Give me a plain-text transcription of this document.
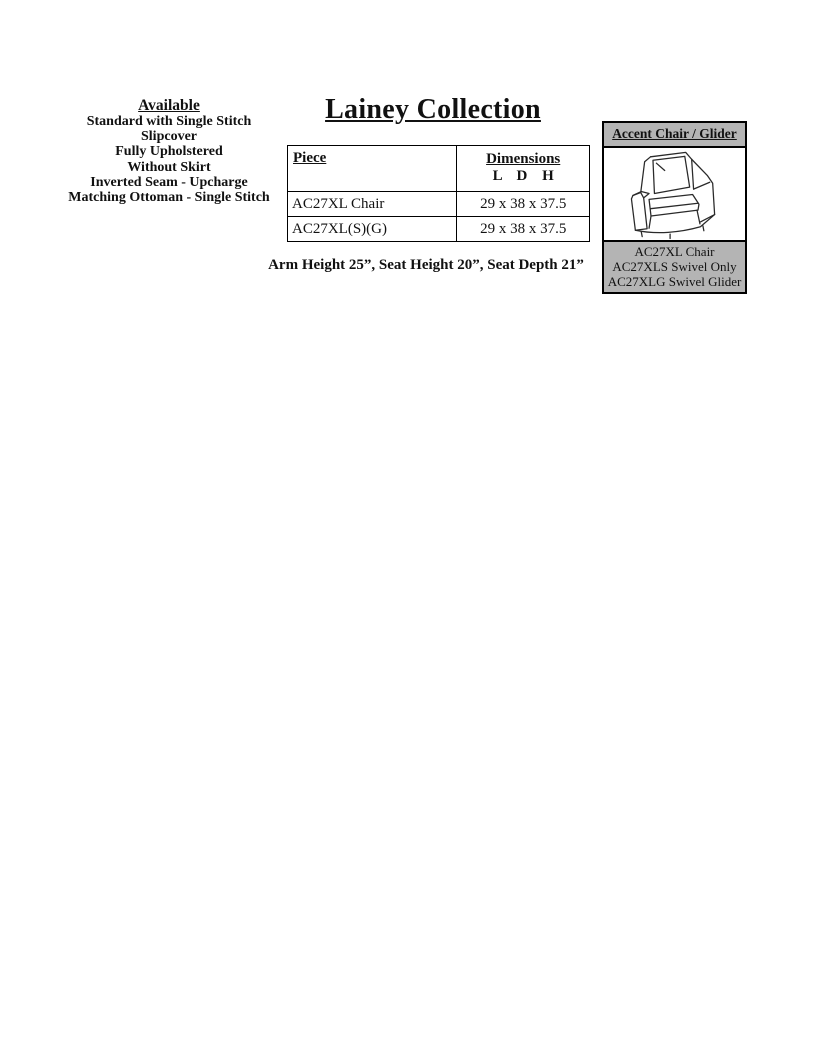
Available
Standard with Single Stitch
Slipcover
Fully Upholstered
Without Skirt
Inverted Seam - Upcharge
Matching Ottoman - Single Stitch
Lainey Collection
Piece	Dimensions
L D H

AC27XL Chair	29 x 38 x 37.5
AC27XL(S)(G)	29 x 38 x 37.5
Arm Height 25”, Seat Height 20”, Seat Depth 21”
Accent Chair / Glider
AC27XL Chair
AC27XLS Swivel Only
AC27XLG Swivel Glider
